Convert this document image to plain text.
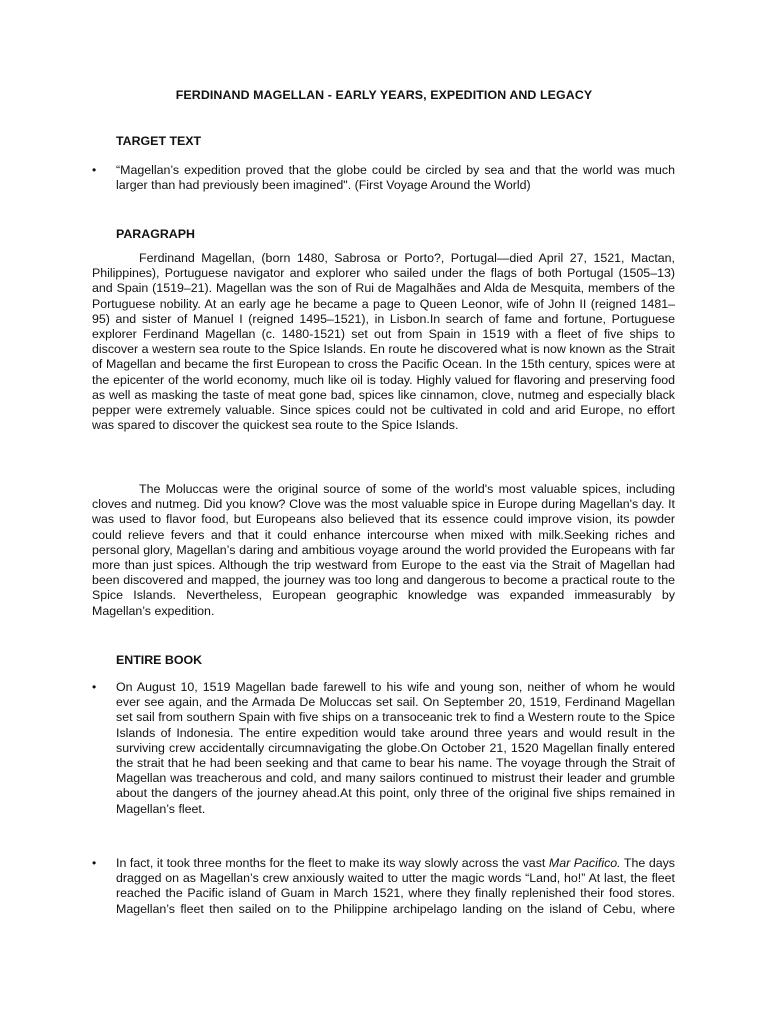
FERDINAND MAGELLAN - EARLY YEARS, EXPEDITION AND LEGACY
TARGET TEXT
• “Magellan’s expedition proved that the globe could be circled by sea and that the world was much larger than had previously been imagined". (First Voyage Around the World)
PARAGRAPH
Ferdinand Magellan, (born 1480, Sabrosa or Porto?, Portugal—died April 27, 1521, Mactan, Philippines), Portuguese navigator and explorer who sailed under the flags of both Portugal (1505–13) and Spain (1519–21). Magellan was the son of Rui de Magalhães and Alda de Mesquita, members of the Portuguese nobility. At an early age he became a page to Queen Leonor, wife of John II (reigned 1481–95) and sister of Manuel I (reigned 1495–1521), in Lisbon.In search of fame and fortune, Portuguese explorer Ferdinand Magellan (c. 1480-1521) set out from Spain in 1519 with a fleet of five ships to discover a western sea route to the Spice Islands. En route he discovered what is now known as the Strait of Magellan and became the first European to cross the Pacific Ocean. In the 15th century, spices were at the epicenter of the world economy, much like oil is today. Highly valued for flavoring and preserving food as well as masking the taste of meat gone bad, spices like cinnamon, clove, nutmeg and especially black pepper were extremely valuable. Since spices could not be cultivated in cold and arid Europe, no effort was spared to discover the quickest sea route to the Spice Islands.
The Moluccas were the original source of some of the world's most valuable spices, including cloves and nutmeg. Did you know? Clove was the most valuable spice in Europe during Magellan's day. It was used to flavor food, but Europeans also believed that its essence could improve vision, its powder could relieve fevers and that it could enhance intercourse when mixed with milk.Seeking riches and personal glory, Magellan’s daring and ambitious voyage around the world provided the Europeans with far more than just spices. Although the trip westward from Europe to the east via the Strait of Magellan had been discovered and mapped, the journey was too long and dangerous to become a practical route to the Spice Islands. Nevertheless, European geographic knowledge was expanded immeasurably by Magellan’s expedition.
ENTIRE BOOK
• On August 10, 1519 Magellan bade farewell to his wife and young son, neither of whom he would ever see again, and the Armada De Moluccas set sail. On September 20, 1519, Ferdinand Magellan set sail from southern Spain with five ships on a transoceanic trek to find a Western route to the Spice Islands of Indonesia. The entire expedition would take around three years and would result in the surviving crew accidentally circumnavigating the globe.On October 21, 1520 Magellan finally entered the strait that he had been seeking and that came to bear his name. The voyage through the Strait of Magellan was treacherous and cold, and many sailors continued to mistrust their leader and grumble about the dangers of the journey ahead.At this point, only three of the original five ships remained in Magellan’s fleet.
• In fact, it took three months for the fleet to make its way slowly across the vast Mar Pacifico. The days dragged on as Magellan’s crew anxiously waited to utter the magic words “Land, ho!” At last, the fleet reached the Pacific island of Guam in March 1521, where they finally replenished their food stores.
Magellan’s fleet then sailed on to the Philippine archipelago landing on the island of Cebu, where
